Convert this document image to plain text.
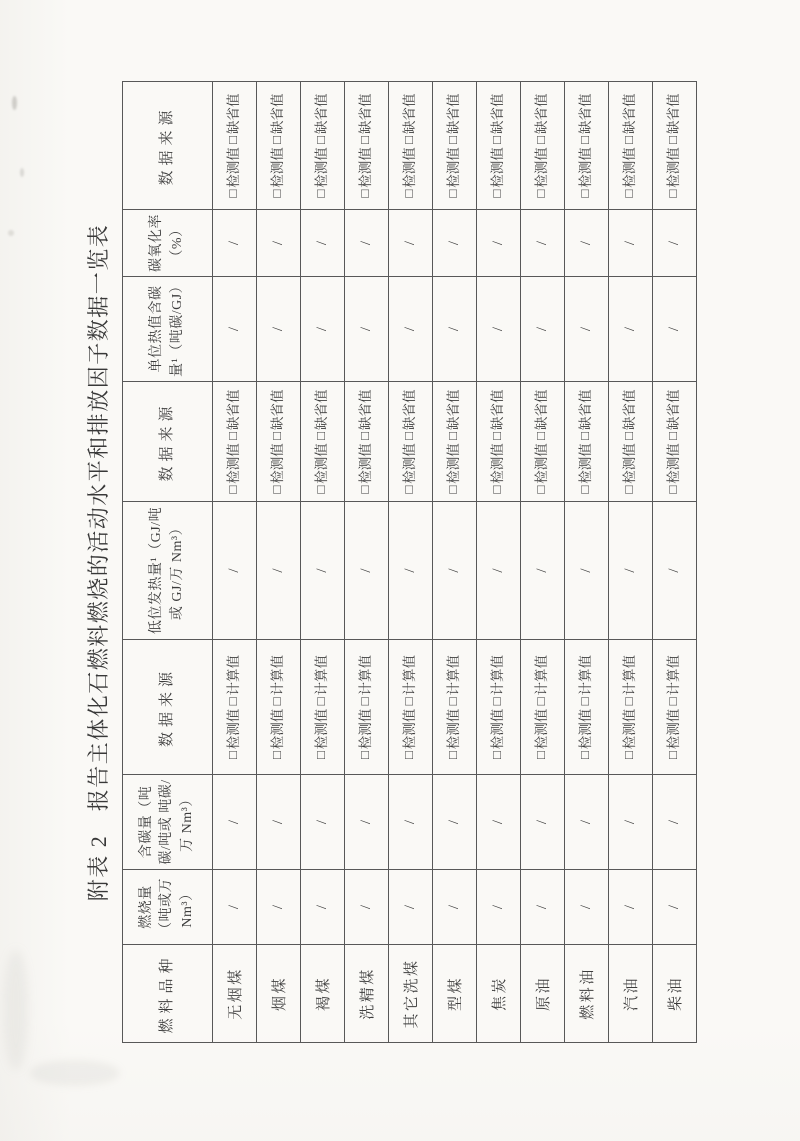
附表 2　报告主体化石燃料燃烧的活动水平和排放因子数据一览表
燃料品种	燃烧量（吨或万 Nm³）	含碳量（吨碳/吨或 吨碳/万 Nm³）	数据来源	低位发热量¹（GJ/吨或 GJ/万 Nm³）	数据来源	单位热值含碳量¹（吨碳/GJ）	碳氧化率（%）	数据来源
无烟煤	/	/	□检测值 □计算值	/	□检测值 □缺省值	/	/	□检测值 □缺省值
烟煤	/	/	□检测值 □计算值	/	□检测值 □缺省值	/	/	□检测值 □缺省值
褐煤	/	/	□检测值 □计算值	/	□检测值 □缺省值	/	/	□检测值 □缺省值
洗精煤	/	/	□检测值 □计算值	/	□检测值 □缺省值	/	/	□检测值 □缺省值
其它洗煤	/	/	□检测值 □计算值	/	□检测值 □缺省值	/	/	□检测值 □缺省值
型煤	/	/	□检测值 □计算值	/	□检测值 □缺省值	/	/	□检测值 □缺省值
焦炭	/	/	□检测值 □计算值	/	□检测值 □缺省值	/	/	□检测值 □缺省值
原油	/	/	□检测值 □计算值	/	□检测值 □缺省值	/	/	□检测值 □缺省值
燃料油	/	/	□检测值 □计算值	/	□检测值 □缺省值	/	/	□检测值 □缺省值
汽油	/	/	□检测值 □计算值	/	□检测值 □缺省值	/	/	□检测值 □缺省值
柴油	/	/	□检测值 □计算值	/	□检测值 □缺省值	/	/	□检测值 □缺省值
